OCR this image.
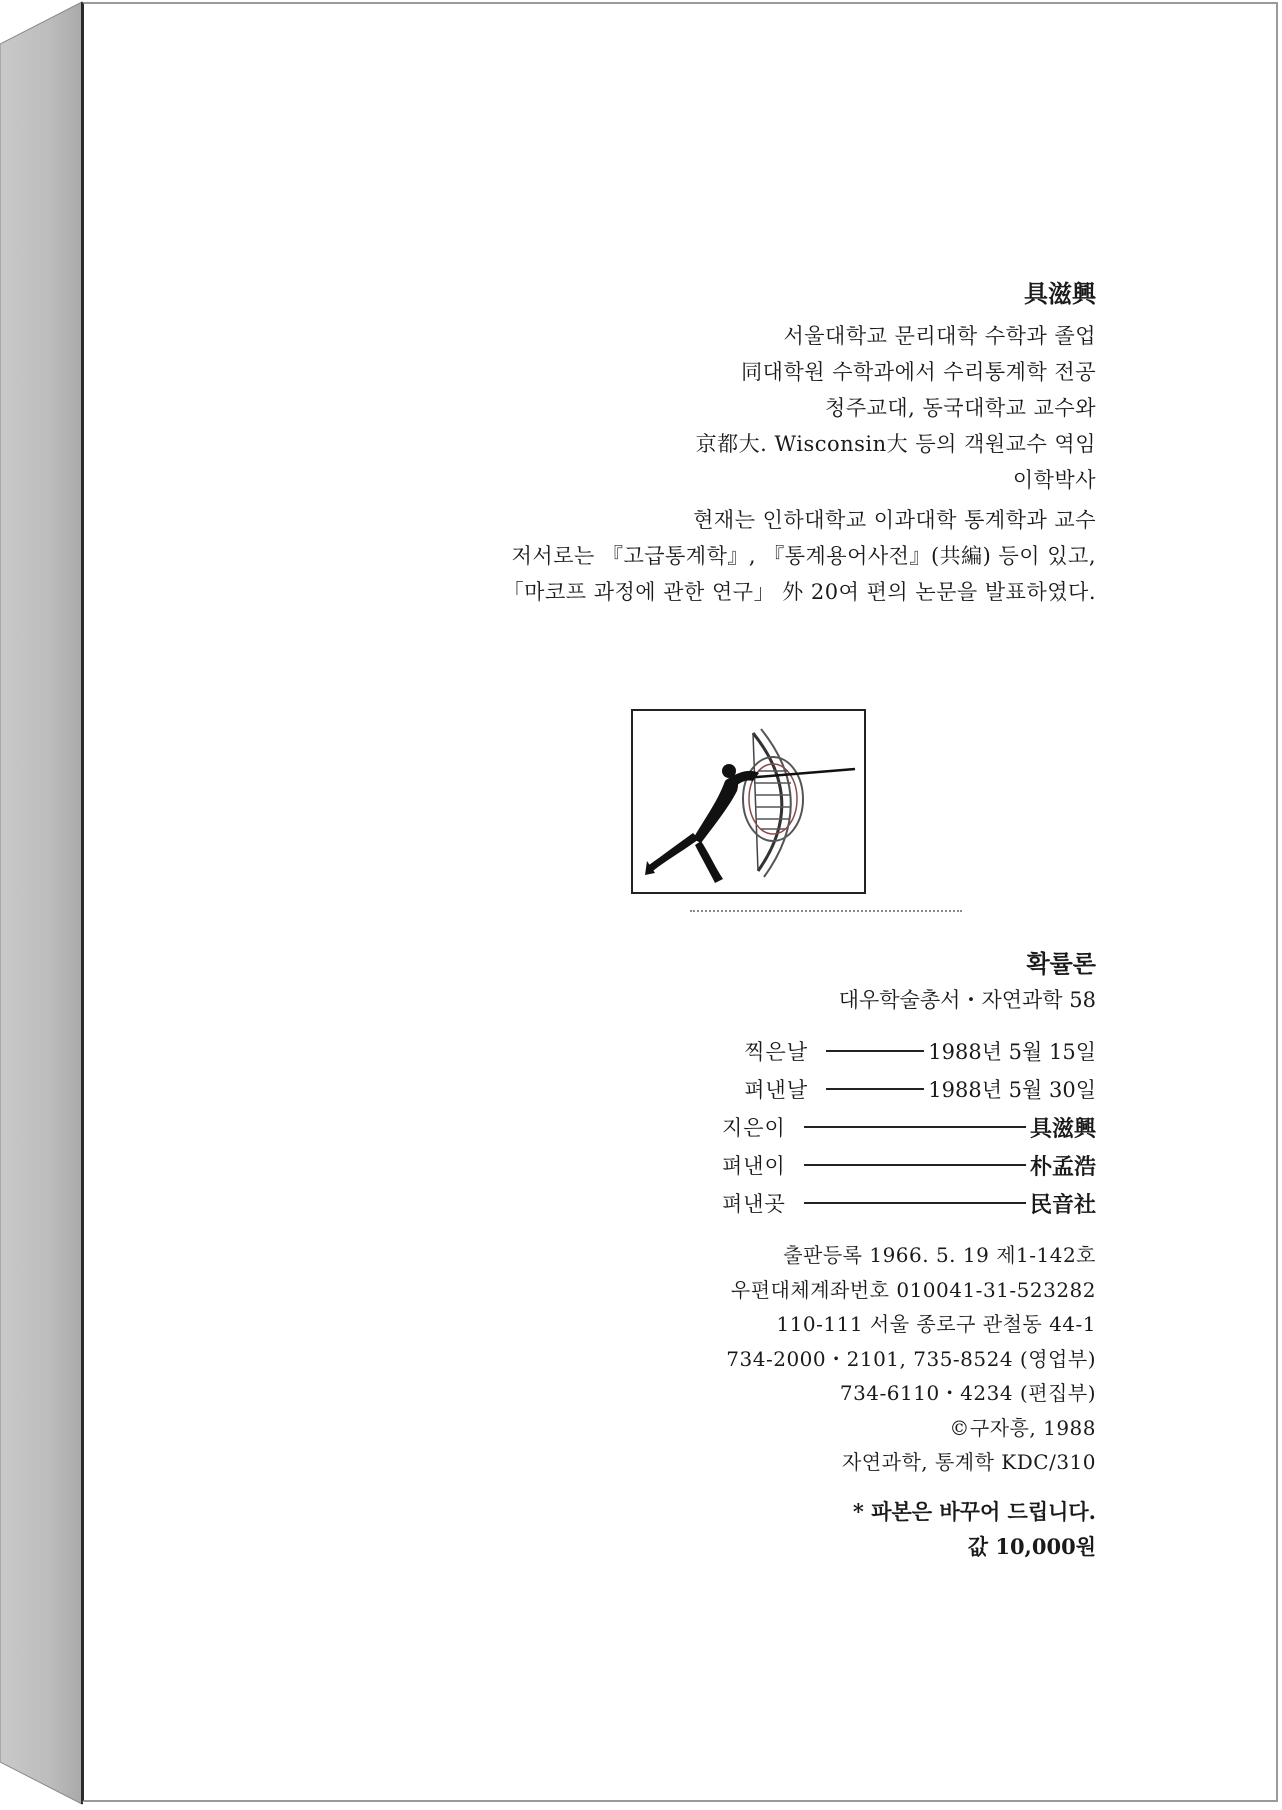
具滋興
서울대학교 문리대학 수학과 졸업
同대학원 수학과에서 수리통계학 전공
청주교대, 동국대학교 교수와
京都大. Wisconsin大 등의 객원교수 역임
이학박사
현재는 인하대학교 이과대학 통계학과 교수
저서로는 『고급통계학』, 『통계용어사전』(共編) 등이 있고,
「마코프 과정에 관한 연구」 外 20여 편의 논문을 발표하였다.
확률론
대우학술총서・자연과학 58
찍은날	1988년 5월 15일
펴낸날	1988년 5월 30일
지은이	具滋興
펴낸이	朴孟浩
펴낸곳	民音社
출판등록 1966. 5. 19 제1-142호
우편대체계좌번호 010041-31-523282
110-111 서울 종로구 관철동 44-1
734-2000・2101, 735-8524 (영업부)
734-6110・4234 (편집부)
©구자흥, 1988
자연과학, 통계학 KDC/310
* 파본은 바꾸어 드립니다.
값 10,000원
